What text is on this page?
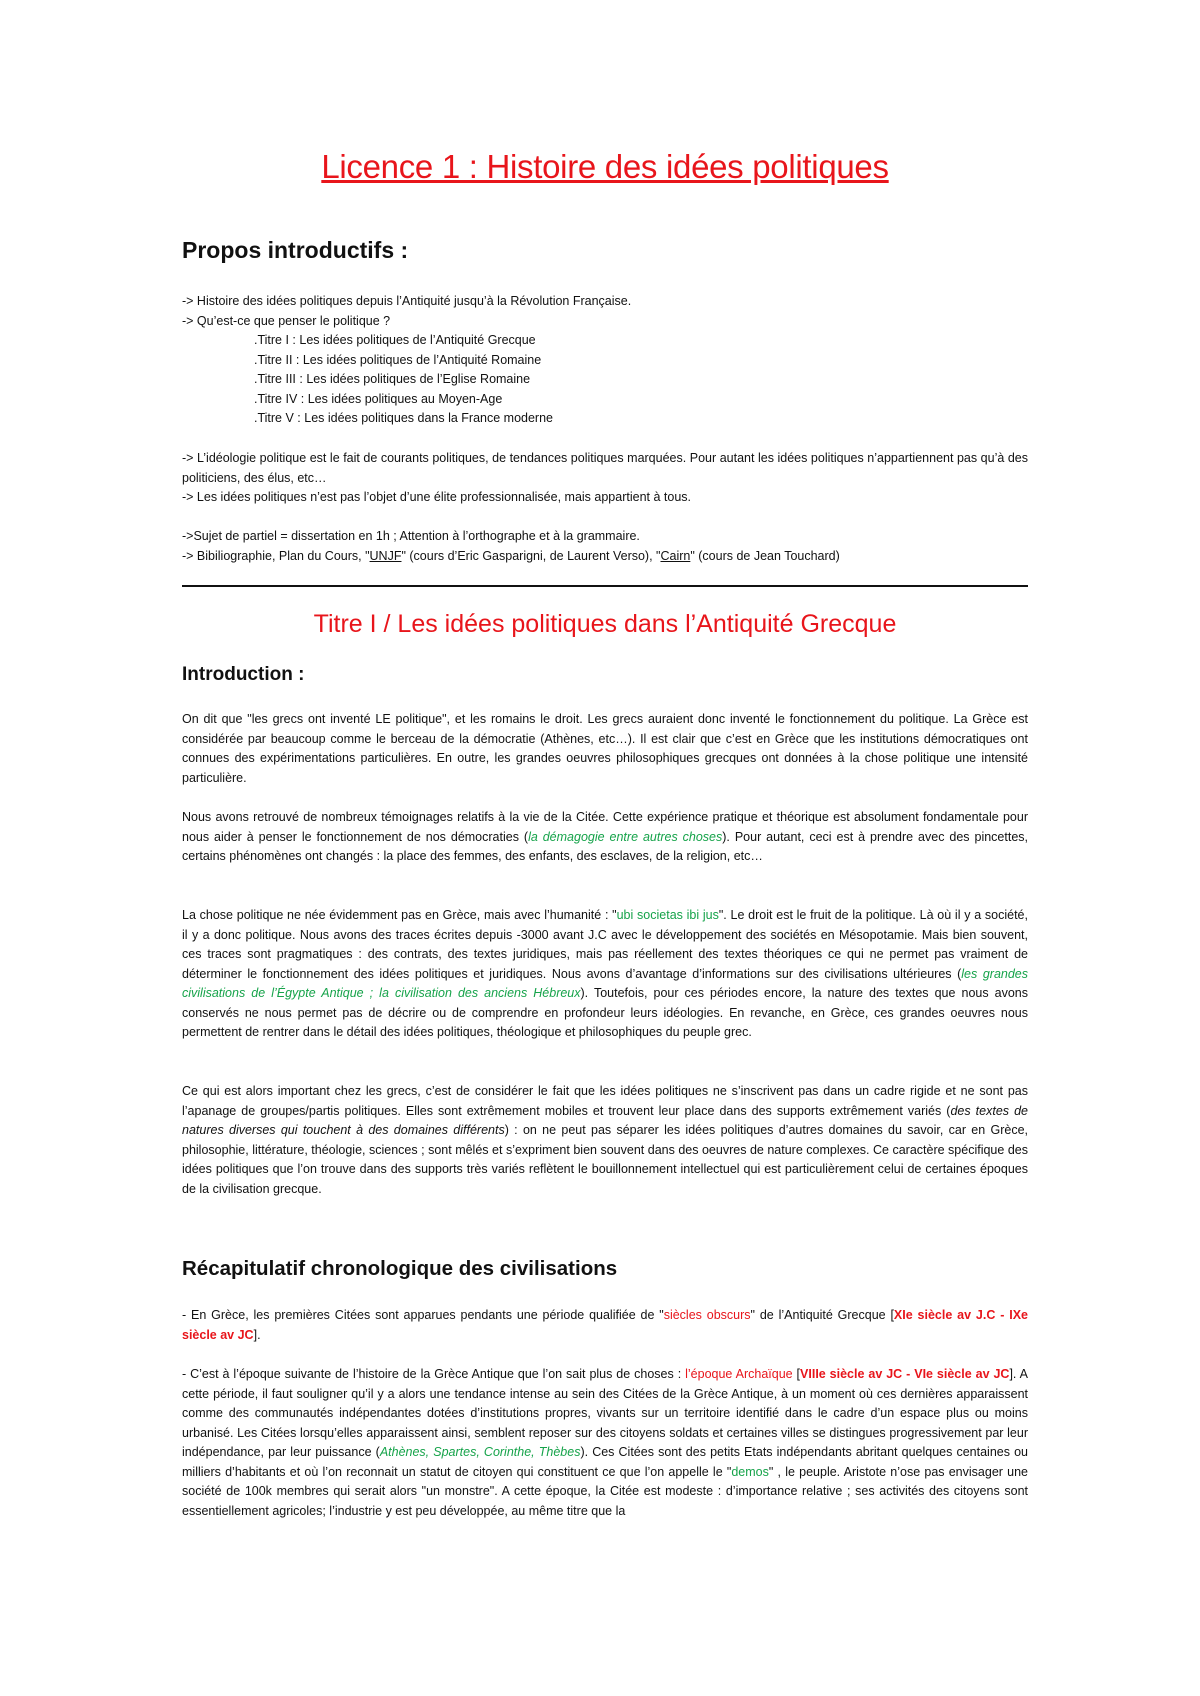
Licence 1 : Histoire des idées politiques
Propos introductifs :
-> Histoire des idées politiques depuis l’Antiquité jusqu’à la Révolution Française.
-> Qu’est-ce que penser le politique ?
.Titre I : Les idées politiques de l’Antiquité Grecque
.Titre II : Les idées politiques de l’Antiquité Romaine
.Titre III : Les idées politiques de l’Eglise Romaine
.Titre IV : Les idées politiques au Moyen-Age
.Titre V : Les idées politiques dans la France moderne

-> L’idéologie politique est le fait de courants politiques, de tendances politiques marquées. Pour autant les idées politiques n’appartiennent pas qu’à des politiciens, des élus, etc…

-> Les idées politiques n’est pas l’objet d’une élite professionnalisée, mais appartient à tous.

->Sujet de partiel = dissertation en 1h ; Attention à l’orthographe et à la grammaire.

-> Bibiliographie, Plan du Cours, "UNJF" (cours d’Eric Gasparigni, de Laurent Verso), "Cairn" (cours de Jean Touchard)

Titre I / Les idées politiques dans l’Antiquité Grecque
Introduction :

On dit que "les grecs ont inventé LE politique", et les romains le droit. Les grecs auraient donc inventé le fonctionnement du politique. La Grèce est considérée par beaucoup comme le berceau de la démocratie (Athènes, etc…). Il est clair que c’est en Grèce que les institutions démocratiques ont connues des expérimentations particulières. En outre, les grandes oeuvres philosophiques grecques ont données à la chose politique une intensité particulière.

Nous avons retrouvé de nombreux témoignages relatifs à la vie de la Citée. Cette expérience pratique et théorique est absolument fondamentale pour nous aider à penser le fonctionnement de nos démocraties (la démagogie entre autres choses). Pour autant, ceci est à prendre avec des pincettes, certains phénomènes ont changés : la place des femmes, des enfants, des esclaves, de la religion, etc…

La chose politique ne née évidemment pas en Grèce, mais avec l’humanité : "ubi societas ibi jus". Le droit est le fruit de la politique. Là où il y a société, il y a donc politique. Nous avons des traces écrites depuis -3000 avant J.C avec le développement des sociétés en Mésopotamie. Mais bien souvent, ces traces sont pragmatiques : des contrats, des textes juridiques, mais pas réellement des textes théoriques ce qui ne permet pas vraiment de déterminer le fonctionnement des idées politiques et juridiques. Nous avons d’avantage d’informations sur des civilisations ultérieures (les grandes civilisations de l’Égypte Antique ; la civilisation des anciens Hébreux). Toutefois, pour ces périodes encore, la nature des textes que nous avons conservés ne nous permet pas de décrire ou de comprendre en profondeur leurs idéologies. En revanche, en Grèce, ces grandes oeuvres nous permettent de rentrer dans le détail des idées politiques, théologique et philosophiques du peuple grec.

Ce qui est alors important chez les grecs, c’est de considérer le fait que les idées politiques ne s’inscrivent pas dans un cadre rigide et ne sont pas l’apanage de groupes/partis politiques. Elles sont extrêmement mobiles et trouvent leur place dans des supports extrêmement variés (des textes de natures diverses qui touchent à des domaines différents) : on ne peut pas séparer les idées politiques d’autres domaines du savoir, car en Grèce, philosophie, littérature, théologie, sciences ; sont mêlés et s’expriment bien souvent dans des oeuvres de nature complexes. Ce caractère spécifique des idées politiques que l’on trouve dans des supports très variés reflètent le bouillonnement intellectuel qui est particulièrement celui de certaines époques de la civilisation grecque.

Récapitulatif chronologique des civilisations

- En Grèce, les premières Citées sont apparues pendants une période qualifiée de "siècles obscurs" de l’Antiquité Grecque [XIe siècle av J.C - IXe siècle av JC].

- C’est à l’époque suivante de l’histoire de la Grèce Antique que l’on sait plus de choses : l’époque Archaïque [VIIIe siècle av JC - VIe siècle av JC]. A cette période, il faut souligner qu’il y a alors une tendance intense au sein des Citées de la Grèce Antique, à un moment où ces dernières apparaissent comme des communautés indépendantes dotées d’institutions propres, vivants sur un territoire identifié dans le cadre d’un espace plus ou moins urbanisé. Les Citées lorsqu’elles apparaissent ainsi, semblent reposer sur des citoyens soldats et certaines villes se distingues progressivement par leur indépendance, par leur puissance (Athènes, Spartes, Corinthe, Thèbes). Ces Citées sont des petits Etats indépendants abritant quelques centaines ou milliers d’habitants et où l’on reconnait un statut de citoyen qui constituent ce que l’on appelle le "demos" , le peuple. Aristote n’ose pas envisager une société de 100k membres qui serait alors "un monstre". A cette époque, la Citée est modeste : d’importance relative ; ses activités des citoyens sont essentiellement agricoles; l’industrie y est peu développée, au même titre que la
